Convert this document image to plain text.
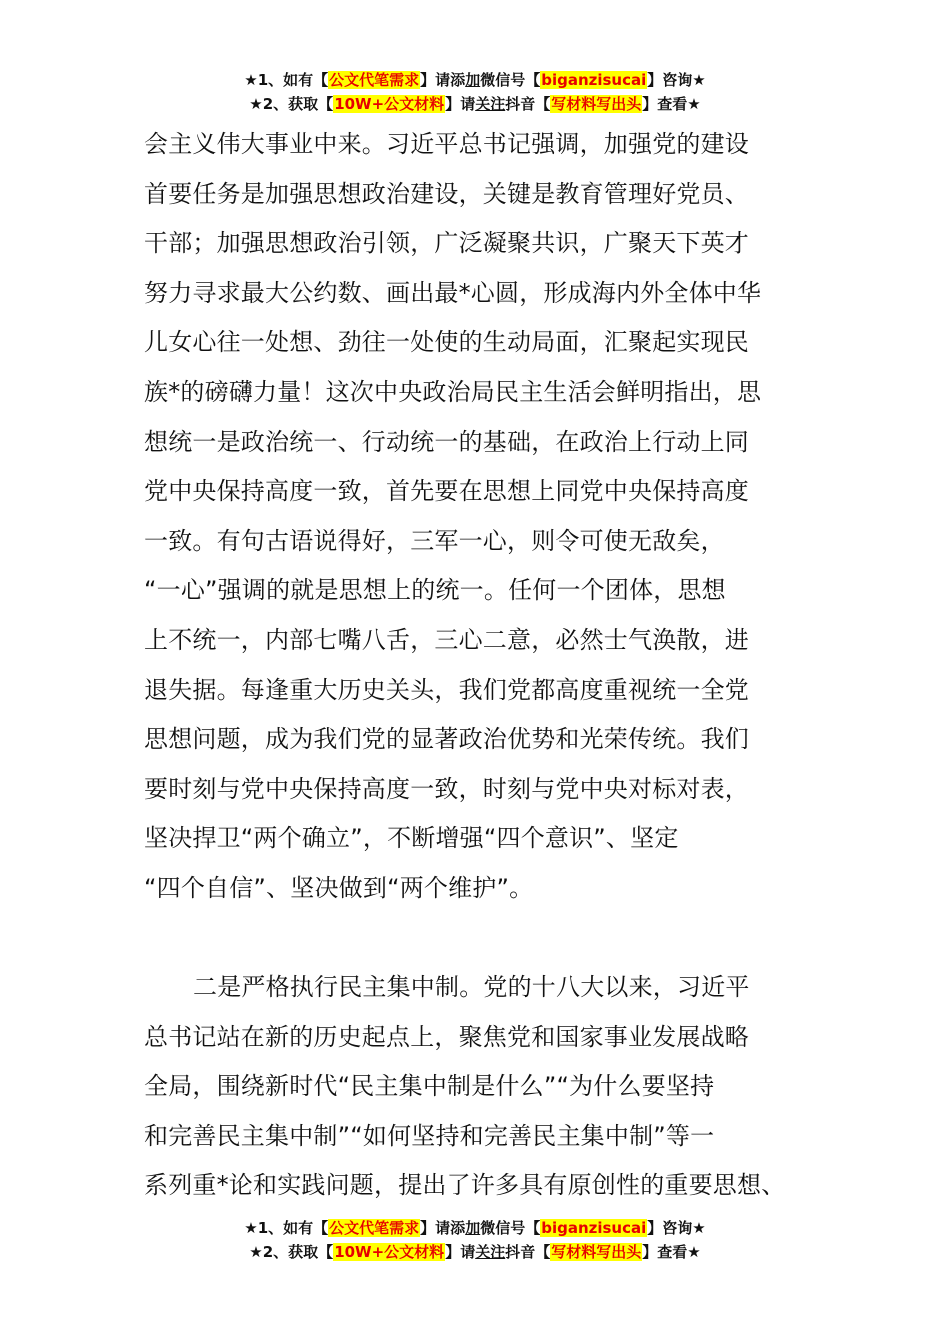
★1、如有【公文代笔需求】请添加微信号【biganzisucai】咨询★
★2、获取【10W+公文材料】请关注抖音【写材料写出头】查看★
会主义伟大事业中来。习近平总书记强调，加强党的建设
首要任务是加强思想政治建设，关键是教育管理好党员、
干部；加强思想政治引领，广泛凝聚共识，广聚天下英才
努力寻求最大公约数、画出最*心圆，形成海内外全体中华
儿女心往一处想、劲往一处使的生动局面，汇聚起实现民
族*的磅礴力量！这次中央政治局民主生活会鲜明指出，思
想统一是政治统一、行动统一的基础，在政治上行动上同
党中央保持高度一致，首先要在思想上同党中央保持高度
一致。有句古语说得好，三军一心，则令可使无敌矣，
“一心”强调的就是思想上的统一。任何一个团体，思想
上不统一，内部七嘴八舌，三心二意，必然士气涣散，进
退失据。每逢重大历史关头，我们党都高度重视统一全党
思想问题，成为我们党的显著政治优势和光荣传统。我们
要时刻与党中央保持高度一致，时刻与党中央对标对表，
坚决捍卫“两个确立”，不断增强“四个意识”、坚定
“四个自信”、坚决做到“两个维护”。
二是严格执行民主集中制。党的十八大以来，习近平
总书记站在新的历史起点上，聚焦党和国家事业发展战略
全局，围绕新时代“民主集中制是什么”“为什么要坚持
和完善民主集中制”“如何坚持和完善民主集中制”等一
系列重*论和实践问题，提出了许多具有原创性的重要思想、
★1、如有【公文代笔需求】请添加微信号【biganzisucai】咨询★
★2、获取【10W+公文材料】请关注抖音【写材料写出头】查看★
